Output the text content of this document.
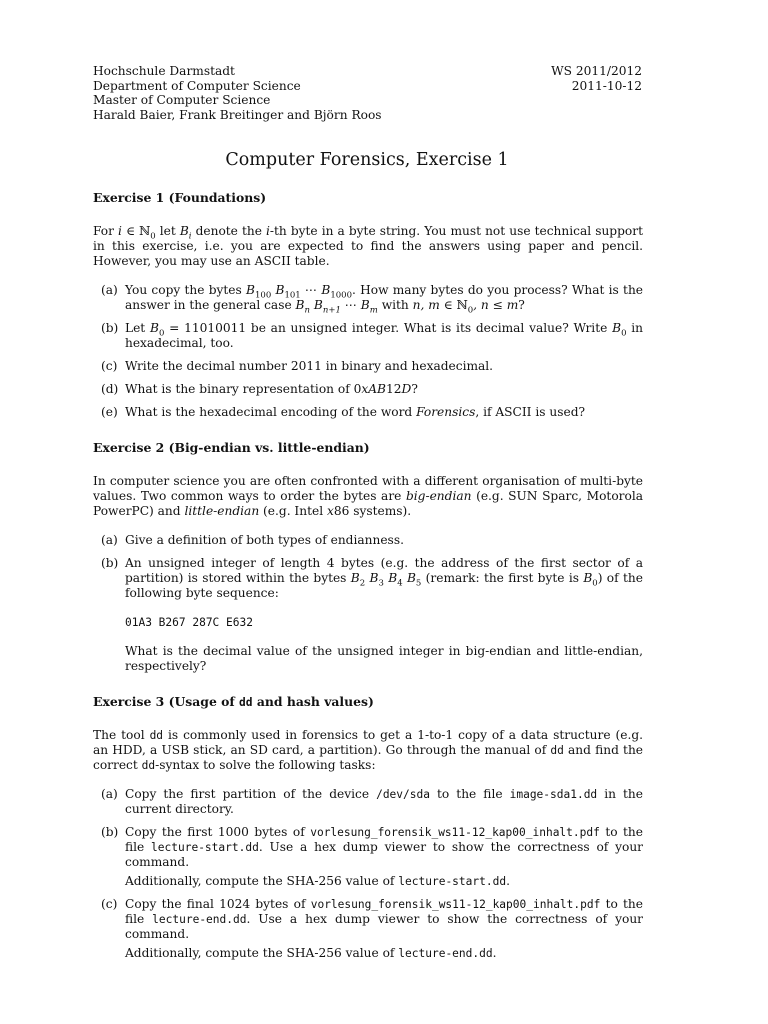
Hochschule Darmstadt
Department of Computer Science
Master of Computer Science
Harald Baier, Frank Breitinger and Björn Roos
WS 2011/2012
2011-10-12
Computer Forensics, Exercise 1
Exercise 1 (Foundations)

For i ∈ ℕ$_0$ let $B_i$ denote the i-th byte in a byte string. You must not use technical support in this exercise, i.e. you are expected to find the answers using paper and pencil. However, you may use an ASCII table.

(a) You copy the bytes $B_{100}$ $B_{101}$ ⋯ $B_{1000}$. How many bytes do you process? What is the answer in the general case $B_n$ $B_{n+1}$ ⋯ $B_m$ with n, m ∈ ℕ$_0$, n ≤ m?
(b) Let $B_0 = 11010011$ be an unsigned integer. What is its decimal value? Write $B_0$ in hexadecimal, too.
(c) Write the decimal number 2011 in binary and hexadecimal.
(d) What is the binary representation of 0xAB12D?
(e) What is the hexadecimal encoding of the word Forensics, if ASCII is used?
Exercise 2 (Big-endian vs. little-endian)

In computer science you are often confronted with a different organisation of multi-byte values. Two common ways to order the bytes are big-endian (e.g. SUN Sparc, Motorola PowerPC) and little-endian (e.g. Intel x86 systems).

(a) Give a definition of both types of endianness.
(b) An unsigned integer of length 4 bytes (e.g. the address of the first sector of a partition) is stored within the bytes $B_2$ $B_3$ $B_4$ $B_5$ (remark: the first byte is $B_0$) of the following byte sequence:
01A3 B267 287C E632
What is the decimal value of the unsigned integer in big-endian and little-endian, respectively?
Exercise 3 (Usage of dd and hash values)

The tool dd is commonly used in forensics to get a 1-to-1 copy of a data structure (e.g. an HDD, a USB stick, an SD card, a partition). Go through the manual of dd and find the correct dd-syntax to solve the following tasks:

(a) Copy the first partition of the device /dev/sda to the file image-sda1.dd in the current directory.
(b) Copy the first 1000 bytes of vorlesung_forensik_ws11-12_kap00_inhalt.pdf to the file lecture-start.dd. Use a hex dump viewer to show the correctness of your command.
Additionally, compute the SHA-256 value of lecture-start.dd.
(c) Copy the final 1024 bytes of vorlesung_forensik_ws11-12_kap00_inhalt.pdf to the file lecture-end.dd. Use a hex dump viewer to show the correctness of your command.
Additionally, compute the SHA-256 value of lecture-end.dd.
